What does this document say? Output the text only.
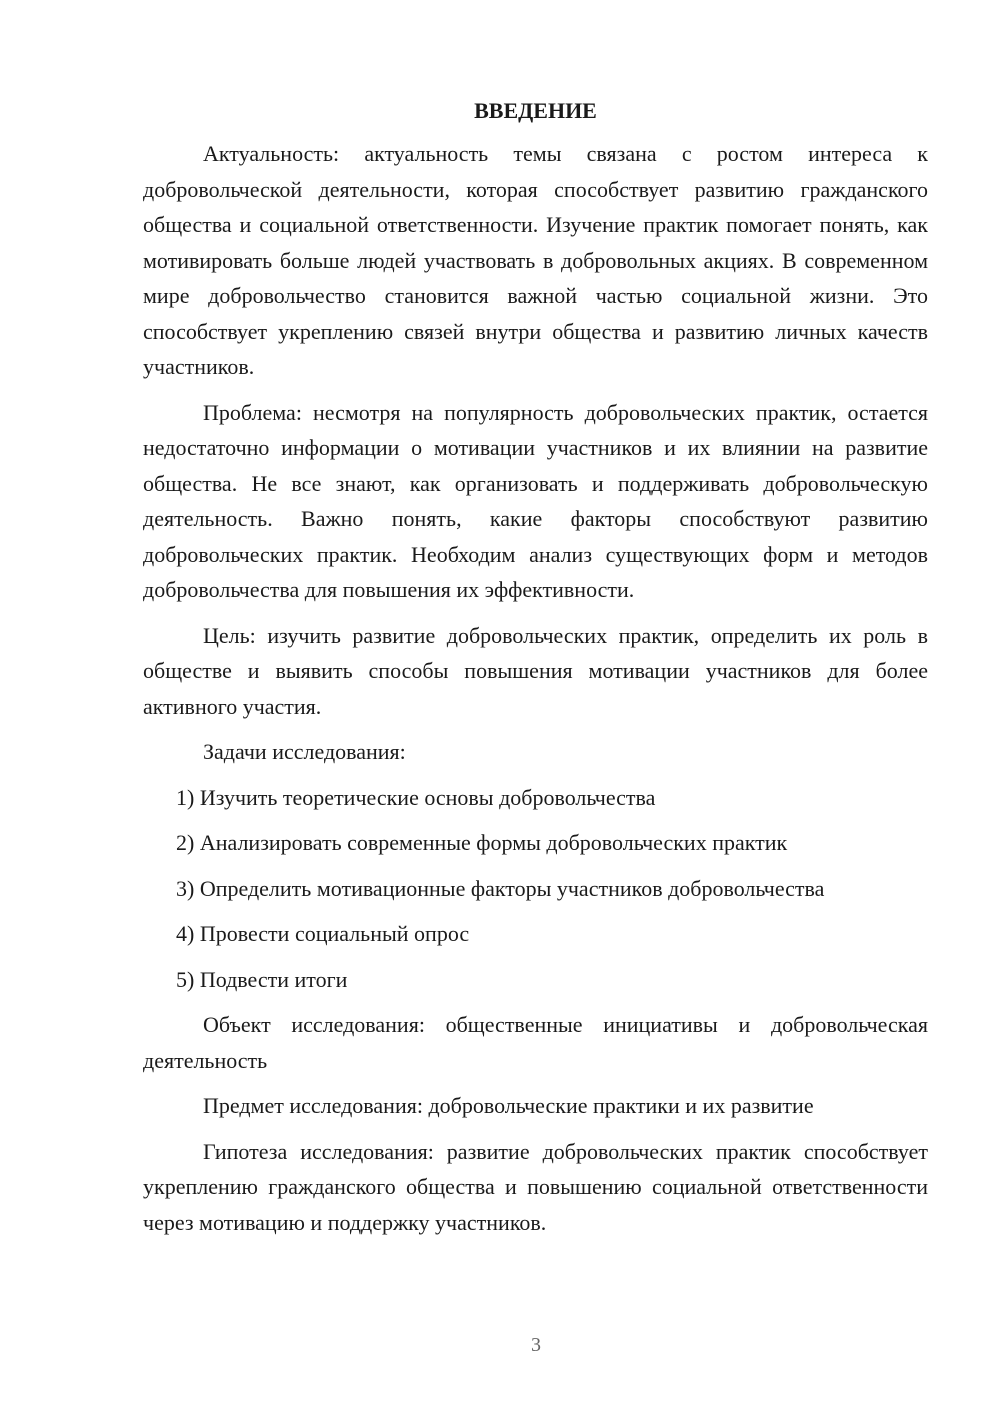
ВВЕДЕНИЕ

Актуальность: актуальность темы связана с ростом интереса к добровольческой деятельности, которая способствует развитию гражданского общества и социальной ответственности. Изучение практик помогает понять, как мотивировать больше людей участвовать в добровольных акциях. В современном мире добровольчество становится важной частью социальной жизни. Это способствует укреплению связей внутри общества и развитию личных качеств участников.

Проблема: несмотря на популярность добровольческих практик, остается недостаточно информации о мотивации участников и их влиянии на развитие общества. Не все знают, как организовать и поддерживать добровольческую деятельность. Важно понять, какие факторы способствуют развитию добровольческих практик. Необходим анализ существующих форм и методов добровольчества для повышения их эффективности.

Цель: изучить развитие добровольческих практик, определить их роль в обществе и выявить способы повышения мотивации участников для более активного участия.

Задачи исследования:

1) Изучить теоретические основы добровольчества
2) Анализировать современные формы добровольческих практик
3) Определить мотивационные факторы участников добровольчества
4) Провести социальный опрос
5) Подвести итоги

Объект исследования: общественные инициативы и добровольческая деятельность

Предмет исследования: добровольческие практики и их развитие

Гипотеза исследования: развитие добровольческих практик способствует укреплению гражданского общества и повышению социальной ответственности через мотивацию и поддержку участников.

3
